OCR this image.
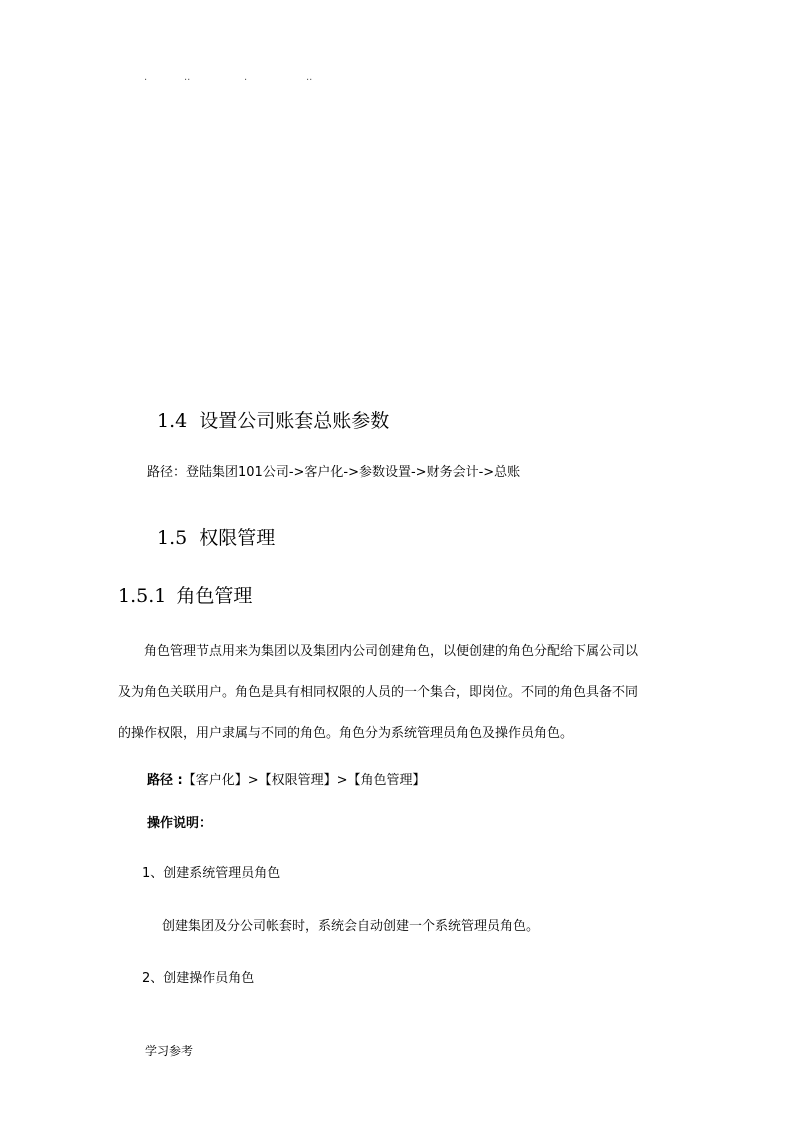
.	..	.	..
1.4 设置公司账套总账参数
路径：登陆集团101公司->客户化->参数设置->财务会计->总账
1.5 权限管理
1.5.1 角色管理
角色管理节点用来为集团以及集团内公司创建角色，以便创建的角色分配给下属公司以
及为角色关联用户。角色是具有相同权限的人员的一个集合，即岗位。不同的角色具备不同
的操作权限，用户隶属与不同的角色。角色分为系统管理员角色及操作员角色。
路径 :【客户化】>【权限管理】>【角色管理】
操作说明：
1、创建系统管理员角色
创建集团及分公司帐套时，系统会自动创建一个系统管理员角色。
2、创建操作员角色
学习参考
